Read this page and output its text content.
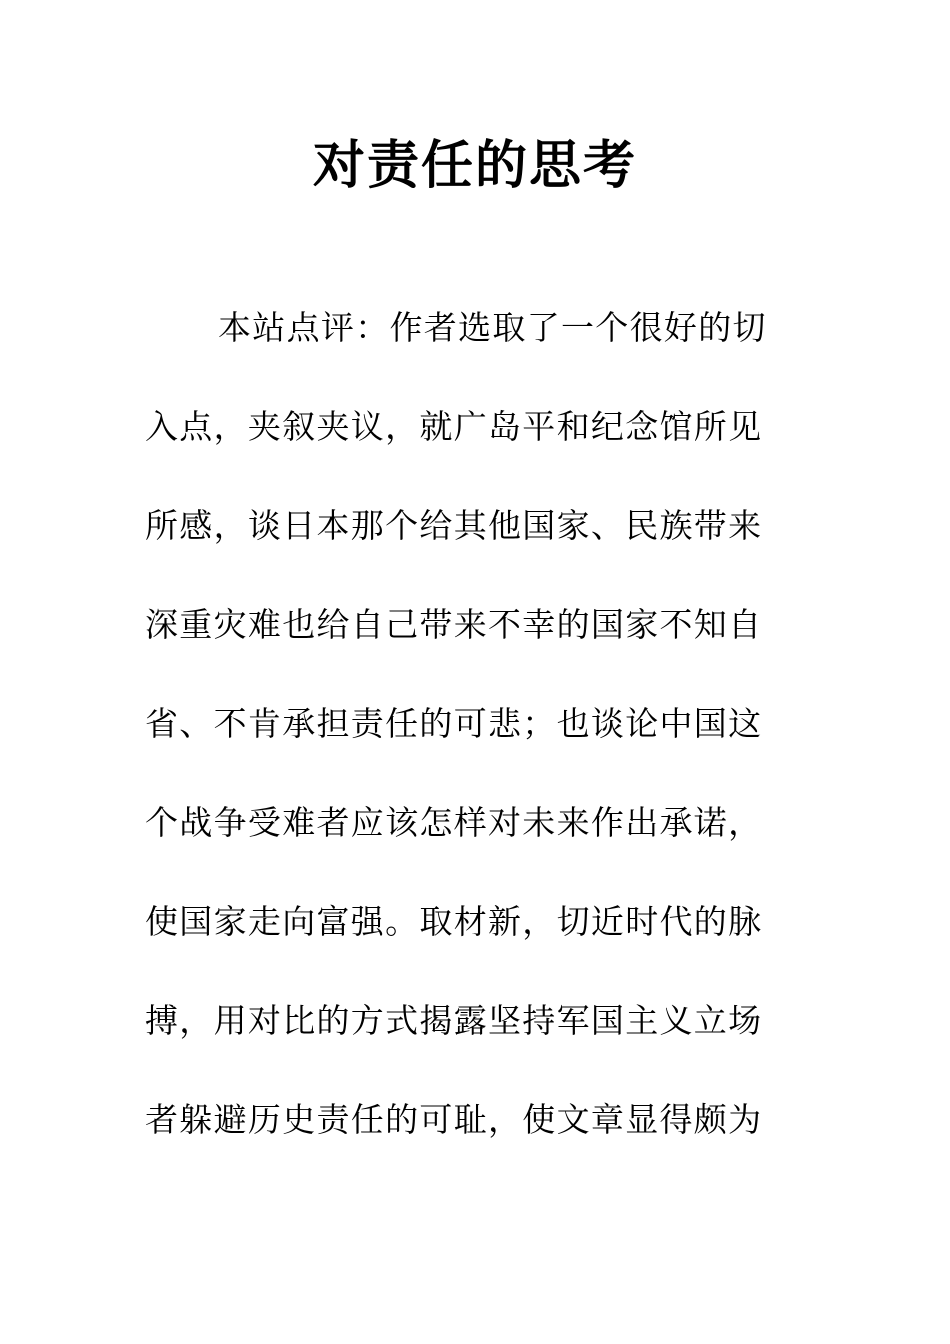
对责任的思考
本站点评：作者选取了一个很好的切
入点，夹叙夹议，就广岛平和纪念馆所见
所感，谈日本那个给其他国家、民族带来
深重灾难也给自己带来不幸的国家不知自
省、不肯承担责任的可悲；也谈论中国这
个战争受难者应该怎样对未来作出承诺，
使国家走向富强。取材新，切近时代的脉
搏，用对比的方式揭露坚持军国主义立场
者躲避历史责任的可耻，使文章显得颇为
